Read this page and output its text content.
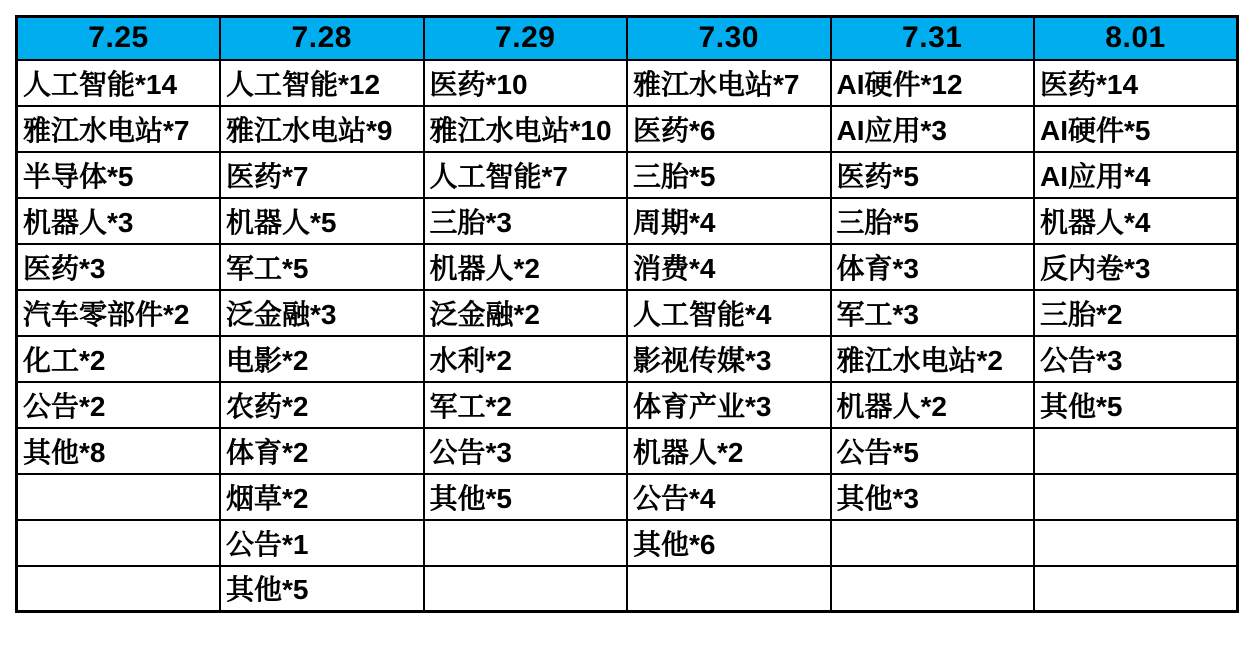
7.25	7.28	7.29	7.30	7.31	8.01
人工智能*14	人工智能*12	医药*10	雅江水电站*7	AI硬件*12	医药*14
雅江水电站*7	雅江水电站*9	雅江水电站*10	医药*6	AI应用*3	AI硬件*5
半导体*5	医药*7	人工智能*7	三胎*5	医药*5	AI应用*4
机器人*3	机器人*5	三胎*3	周期*4	三胎*5	机器人*4
医药*3	军工*5	机器人*2	消费*4	体育*3	反内卷*3
汽车零部件*2	泛金融*3	泛金融*2	人工智能*4	军工*3	三胎*2
化工*2	电影*2	水利*2	影视传媒*3	雅江水电站*2	公告*3
公告*2	农药*2	军工*2	体育产业*3	机器人*2	其他*5
其他*8	体育*2	公告*3	机器人*2	公告*5	
	烟草*2	其他*5	公告*4	其他*3	
	公告*1		其他*6		
	其他*5				
